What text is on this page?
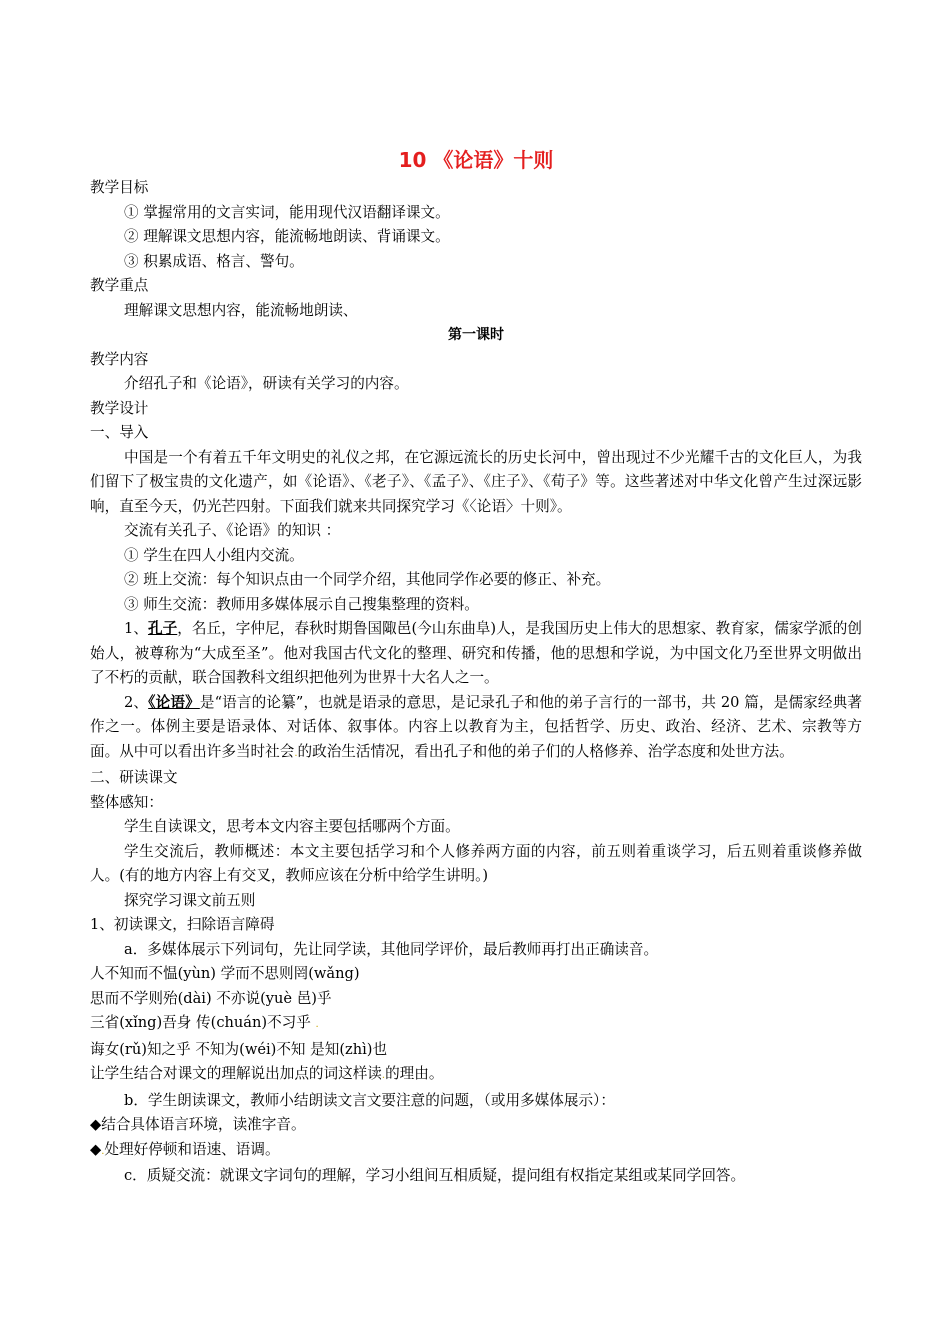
10 《论语》十则
教学目标
① 掌握常用的文言实词，能用现代汉语翻译课文。
② 理解课文思想内容，能流畅地朗读、背诵课文。
③ 积累成语、格言、警句。
教学重点
理解课文思想内容，能流畅地朗读、
第一课时
教学内容
介绍孔子和《论语》，研读有关学习的内容。
教学设计
一、导入
中国是一个有着五千年文明史的礼仪之邦，在它源远流长的历史长河中，曾出现过不少光耀千古的文化巨人，为我们留下了极宝贵的文化遗产，如《论语》、《老子》、《孟子》、《庄子》、《荀子》等。这些著述对中华文化曾产生过深远影响，直至今天，仍光芒四射。下面我们就来共同探究学习《〈论语〉十则》。
交流有关孔子、《论语》的知识 ：
① 学生在四人小组内交流。
② 班上交流：每个知识点由一个同学介绍，其他同学作必要的修正、补充。
③ 师生交流：教师用多媒体展示自己搜集整理的资料。
1、孔子，名丘，字仲尼，春秋时期鲁国陬邑(今山东曲阜)人，是我国历史上伟大的思想家、教育家，儒家学派的创始人，被尊称为“大成至圣”。他对我国古代文化的整理、研究和传播，他的思想和学说，为中国文化乃至世界文明做出了不朽的贡献，联合国教科文组织把他列为世界十大名人之一。
2、《论语》是“语言的论纂”，也就是语录的意思，是记录孔子和他的弟子言行的一部书，共 20 篇，是儒家经典著作之一。体例主要是语录体、对话体、叙事体。内容上以教育为主，包括哲学、历史、政治、经济、艺术、宗教等方面。从中可以看出许多当时社会.的政治生活情况，看出孔子和他的弟子们的人格修养、治学态度和处世方法。
二、研读课文
整体感知：
学生自读课文，思考本文内容主要包括哪两个方面。
学生交流后，教师概述：本文主要包括学习和个人修养两方面的内容，前五则着重谈学习，后五则着重谈修养做人。(有的地方内容上有交叉，教师应该在分析中给学生讲明。)
探究学习课文前五则
1、初读课文，扫除语言障碍
a．多媒体展示下列词句，先让同学读，其他同学评价，最后教师再打出正确读音。
人不知而不愠(yùn) 学而不思则罔(wǎng)
思而不学则殆(dài) 不亦说(yuè 邑)乎
三省(xǐng)吾身 传(chuán)不习乎 .
诲女(rǔ)知之乎 不知为(wéi)不知 是知(zhì)也
让学生结合对课文的理解说出加点的词这样读.的理由。
b．学生朗读课文，教师小结朗读文言文要注意的问题，（或用多媒体展示）：
◆结合具体语言环境，读准字音。
◆.处理好停顿和语速、语调。
c．质疑交流：就课文字词句的理解，学习小组间互相质疑，提问组有权指定某组或某同学回答。
